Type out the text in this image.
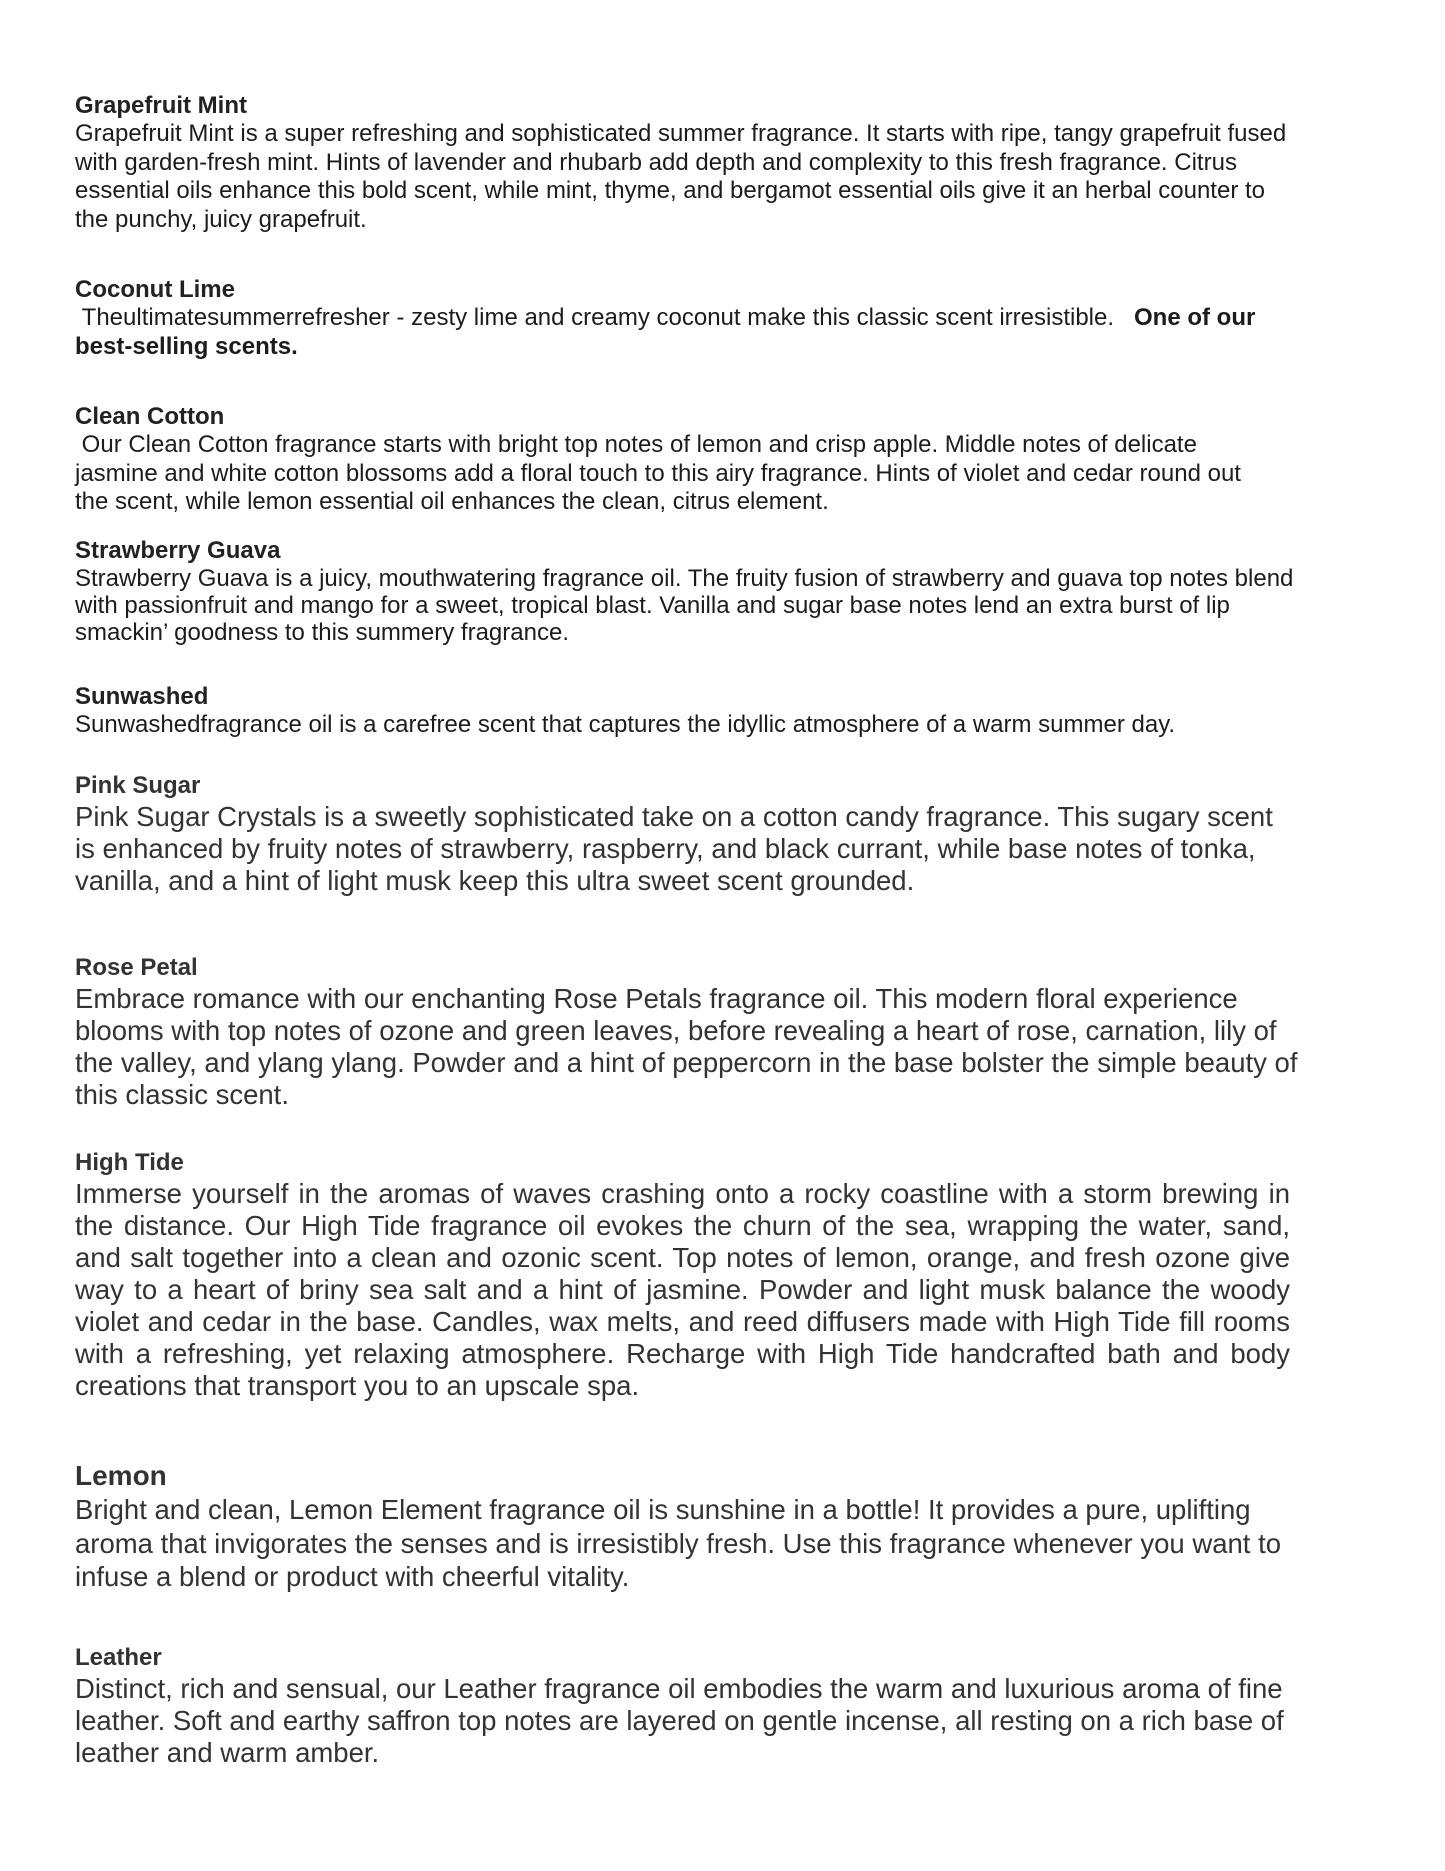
Grapefruit Mint

Grapefruit Mint is a super refreshing and sophisticated summer fragrance. It starts with ripe, tangy grapefruit fused with garden-fresh mint. Hints of lavender and rhubarb add depth and complexity to this fresh fragrance. Citrus essential oils enhance this bold scent, while mint, thyme, and bergamot essential oils give it an herbal counter to the punchy, juicy grapefruit.

Coconut Lime

Theultimatesummerrefresher - zesty lime and creamy coconut make this classic scent irresistible.   One of our best-selling scents.

Clean Cotton

Our Clean Cotton fragrance starts with bright top notes of lemon and crisp apple. Middle notes of delicate jasmine and white cotton blossoms add a floral touch to this airy fragrance. Hints of violet and cedar round out the scent, while lemon essential oil enhances the clean, citrus element.

Strawberry Guava

Strawberry Guava is a juicy, mouthwatering fragrance oil. The fruity fusion of strawberry and guava top notes blend with passionfruit and mango for a sweet, tropical blast. Vanilla and sugar base notes lend an extra burst of lip smackin’ goodness to this summery fragrance.

Sunwashed

Sunwashedfragrance oil is a carefree scent that captures the idyllic atmosphere of a warm summer day.

Pink Sugar

Pink Sugar Crystals is a sweetly sophisticated take on a cotton candy fragrance. This sugary scent is enhanced by fruity notes of strawberry, raspberry, and black currant, while base notes of tonka, vanilla, and a hint of light musk keep this ultra sweet scent grounded.

Rose Petal

Embrace romance with our enchanting Rose Petals fragrance oil. This modern floral experience blooms with top notes of ozone and green leaves, before revealing a heart of rose, carnation, lily of the valley, and ylang ylang. Powder and a hint of peppercorn in the base bolster the simple beauty of this classic scent.

High Tide

Immerse yourself in the aromas of waves crashing onto a rocky coastline with a storm brewing in the distance. Our High Tide fragrance oil evokes the churn of the sea, wrapping the water, sand, and salt together into a clean and ozonic scent. Top notes of lemon, orange, and fresh ozone give way to a heart of briny sea salt and a hint of jasmine. Powder and light musk balance the woody violet and cedar in the base. Candles, wax melts, and reed diffusers made with High Tide fill rooms with a refreshing, yet relaxing atmosphere. Recharge with High Tide handcrafted bath and body creations that transport you to an upscale spa.

Lemon

Bright and clean, Lemon Element fragrance oil is sunshine in a bottle! It provides a pure, uplifting aroma that invigorates the senses and is irresistibly fresh. Use this fragrance whenever you want to infuse a blend or product with cheerful vitality.

Leather

Distinct, rich and sensual, our Leather fragrance oil embodies the warm and luxurious aroma of fine leather. Soft and earthy saffron top notes are layered on gentle incense, all resting on a rich base of leather and warm amber.
